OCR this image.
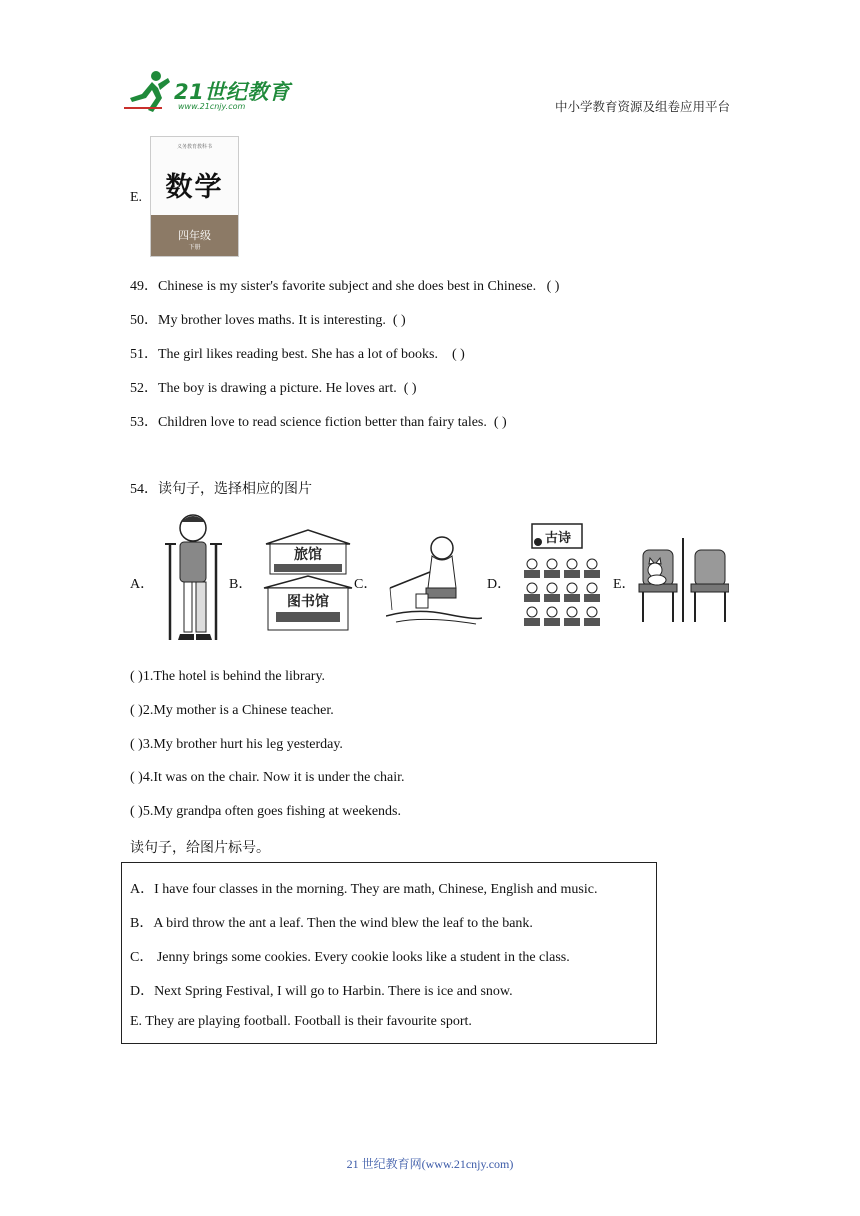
21世纪教育
www.21cnjy.com	中小学教育资源及组卷应用平台
E.
义务教育教科书
数学
四年级
下册
49．Chinese is my sister's favorite subject and she does best in Chinese. ( )
50．My brother loves maths. It is interesting. ( )
51．The girl likes reading best. She has a lot of books. ( )
52．The boy is drawing a picture. He loves art. ( )
53．Children love to read science fiction better than fairy tales. ( )
54．读句子，选择相应的图片
A．	B．
旅馆
图书馆
C．	D．
古诗
E．
( )1.The hotel is behind the library.
( )2.My mother is a Chinese teacher.
( )3.My brother hurt his leg yesterday.
( )4.It was on the chair. Now it is under the chair.
( )5.My grandpa often goes fishing at weekends.
读句子，给图片标号。
A．I have four classes in the morning. They are math, Chinese, English and music.
B．A bird throw the ant a leaf. Then the wind blew the leaf to the bank.
C． Jenny brings some cookies. Every cookie looks like a student in the class.
D．Next Spring Festival, I will go to Harbin. There is ice and snow.
E. They are playing football. Football is their favourite sport.
21 世纪教育网(www.21cnjy.com)
